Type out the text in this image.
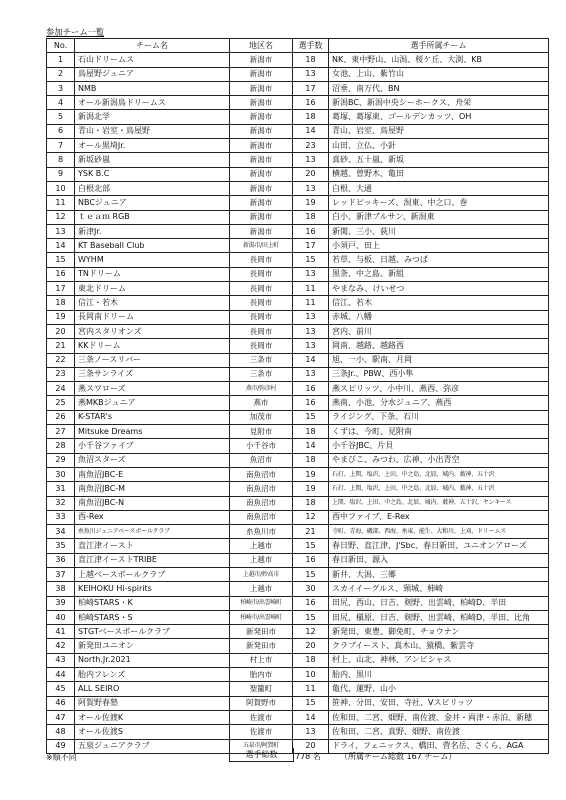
参加チーム一覧
No.	チーム名	地区名	選手数	選手所属チーム
1	石山ドリームス	新潟市	18	NK、東中野山、山潟、桜ケ丘、大渕、KB
2	鳥屋野ジュニア	新潟市	13	女池、上山、紫竹山
3	NMB	新潟市	17	沼垂、南万代、BN
4	オール新潟鳥ドリームス	新潟市	16	新潟BC、新潟中央シーホークス、舟栄
5	新潟北学	新潟市	18	葛塚、葛塚東、ゴールデンカッツ、OH
6	青山・岩室・鳥屋野	新潟市	14	青山、岩室、鳥屋野
7	オール黒埼Jr.	新潟市	23	山田、立仏、小針
8	新坂砂嵐	新潟市	13	真砂、五十嵐、新坂
9	YSK B.C	新潟市	20	横越、曽野木、亀田
10	白根北部	新潟市	13	白根、大通
11	NBCジュニア	新潟市	19	レッドピッキーズ、潟東、中之口、巻
12	ｔｅａｍ RGB	新潟市	18	白小、新津ブルサン、新潟東
13	新津Jr.	新潟市	16	新関、三小、荻川
14	KT Baseball Club	新潟市/田上町	17	小須戸、田上
15	WYHM	長岡市	15	若草、与板、日越、みつば
16	TNドリーム	長岡市	13	黒条、中之島、新組
17	東北ドリーム	長岡市	11	やまなみ、けいせつ
18	信江・若木	長岡市	11	信江、若木
19	長岡南ドリーム	長岡市	13	赤城、八幡
20	宮内スタリオンズ	長岡市	13	宮内、前川
21	KKドリーム	長岡市	13	岡南、越路、越路西
22	三条ノースリバー	三条市	14	旭、一小、駅南、月岡
23	三条サンライズ	三条市	13	三条Jr.、PBW、西小隼
24	燕スワローズ	燕市/弥彦村	16	燕スピリッツ、小中川、燕西、弥彦
25	燕MKBジュニア	燕市	16	燕南、小池、分水ジュニア、燕西
26	K-STAR's	加茂市	15	ライジング、下条、石川
27	Mitsuke Dreams	見附市	18	くずは、今町、見附南
28	小千谷ファイブ	小千谷市	14	小千谷JBC、片貝
29	魚沼スターズ	魚沼市	18	やまびこ、みつわ、広神、小出青空
30	南魚沼JBC-E	南魚沼市	19	石打、上関、塩沢、上田、中之島、北辰、城内、薮神、五十沢
31	南魚沼JBC-M	南魚沼市	19	石打、上関、塩沢、上田、中之島、北辰、城内、薮神、五十沢
32	南魚沼JBC-N	南魚沼市	18	上関、塩沢、上田、中之島、北辰、城内、薮神、五十沢、ヤンキース
33	西-Rex	南魚沼市	12	西中ファイブ、E-Rex
34	糸魚川ジュニアベースボールクラブ	糸魚川市	21	寺町、青海、磯部、西海、糸東、能生、大和川、上刈、ドリームス
35	直江津イースト	上越市	15	春日野、直江津、J'Sbc、春日新田、ユニオンアローズ
36	直江津イーストTRIBE	上越市	16	春日新田、源入
37	上越ベースボールクラブ	上越市/妙高市	15	新井、大潟、三郷
38	KEIHOKU Hi-spirits	上越市	30	スカイイーグルス、頸城、柿崎
39	柏崎STARS・K	柏崎市/出雲崎町	16	田尻、西山、日吉、剣野、出雲崎、柏崎D、半田
40	柏崎STARS・S	柏崎市/出雲崎町	15	田尻、槇原、日吉、剣野、出雲崎、柏崎D、半田、比角
41	STGTベースボールクラブ	新発田市	12	新発田、東豊、御免町、チョウナン
42	新発田ユニオン	新発田市	20	クラブイースト、真木山、猿橋、紫雲寺
43	North.Jr.2021	村上市	18	村上、山北、神林、アンビシャス
44	胎内フレンズ	胎内市	10	胎内、黒川
45	ALL SEIRO	聖籠町	11	亀代、蓮野、山小
46	阿賀野春塾	阿賀野市	15	笹神、分田、安田、寺社、Vスピリッツ
47	オール佐渡K	佐渡市	14	佐和田、二宮、畑野、南佐渡、金井・両津・赤泊、新穂
48	オール佐渡S	佐渡市	13	佐和田、二宮、真野、畑野、南佐渡
49	五泉ジュニアクラブ	五泉市/阿賀町	20	ドライ、フェニックス、橋田、菅名岳、さくら、AGA
※順不同	選手総数	778 名 （所属チーム総数 167 チーム）
